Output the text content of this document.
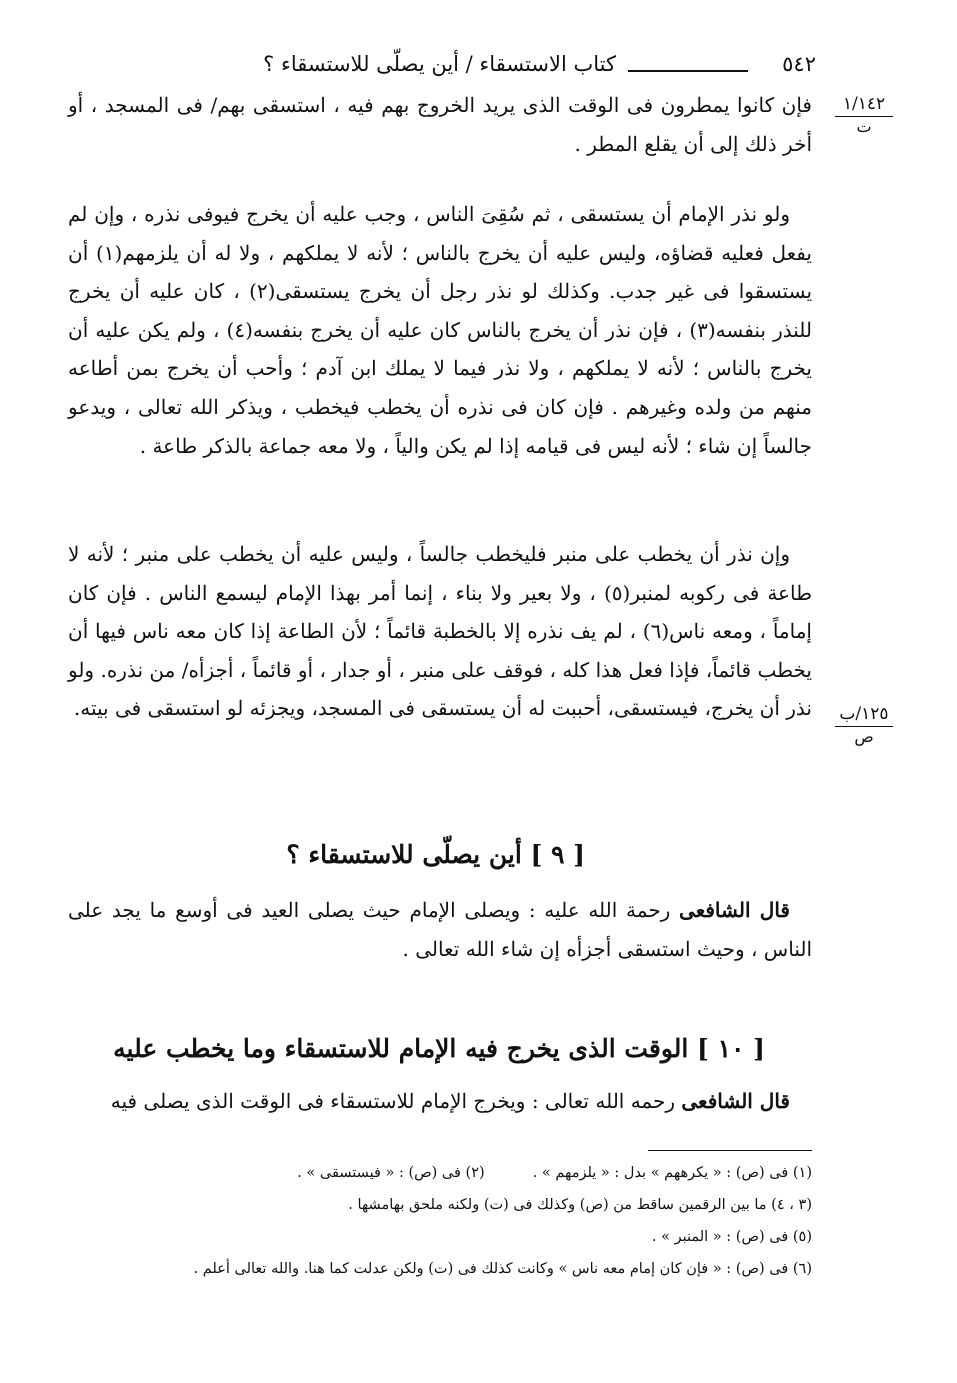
٥٤٢
كتاب الاستسقاء / أين يصلّى للاستسقاء ؟
١/١٤٢
ت
١٢٥/ب
ص

فإن كانوا يمطرون فى الوقت الذى يريد الخروج بهم فيه ، استسقى بهم/ فى المسجد ، أو أخر ذلك إلى أن يقلع المطر .

ولو نذر الإمام أن يستسقى ، ثم سُقِىَ الناس ، وجب عليه أن يخرج فيوفى نذره ، وإن لم يفعل فعليه قضاؤه، وليس عليه أن يخرج بالناس ؛ لأنه لا يملكهم ، ولا له أن يلزمهم(١) أن يستسقوا فى غير جدب. وكذلك لو نذر رجل أن يخرج يستسقى(٢) ، كان عليه أن يخرج للنذر بنفسه(٣) ، فإن نذر أن يخرج بالناس كان عليه أن يخرج بنفسه(٤) ، ولم يكن عليه أن يخرج بالناس ؛ لأنه لا يملكهم ، ولا نذر فيما لا يملك ابن آدم ؛ وأحب أن يخرج بمن أطاعه منهم من ولده وغيرهم . فإن كان فى نذره أن يخطب فيخطب ، ويذكر الله تعالى ، ويدعو جالساً إن شاء ؛ لأنه ليس فى قيامه إذا لم يكن والياً ، ولا معه جماعة بالذكر طاعة .

وإن نذر أن يخطب على منبر فليخطب جالساً ، وليس عليه أن يخطب على منبر ؛ لأنه لا طاعة فى ركوبه لمنبر(٥) ، ولا بعير ولا بناء ، إنما أمر بهذا الإمام ليسمع الناس . فإن كان إماماً ، ومعه ناس(٦) ، لم يف نذره إلا بالخطبة قائماً ؛ لأن الطاعة إذا كان معه ناس فيها أن يخطب قائماً، فإذا فعل هذا كله ، فوقف على منبر ، أو جدار ، أو قائماً ، أجزأه/ من نذره. ولو نذر أن يخرج، فيستسقى، أحببت له أن يستسقى فى المسجد، ويجزئه لو استسقى فى بيته.

[ ٩ ] أين يصلّى للاستسقاء ؟

قال الشافعى رحمة الله عليه : ويصلى الإمام حيث يصلى العيد فى أوسع ما يجد على الناس ، وحيث استسقى أجزأه إن شاء الله تعالى .

[ ١٠ ] الوقت الذى يخرج فيه الإمام للاستسقاء وما يخطب عليه

قال الشافعى رحمه الله تعالى : ويخرج الإمام للاستسقاء فى الوقت الذى يصلى فيه

(١) فى (ص) : « يكرههم » بدل : « يلزمهم » .(٢) فى (ص) : « فيستسقى » .
(٣ ، ٤) ما بين الرقمين ساقط من (ص) وكذلك فى (ت) ولكنه ملحق بهامشها .
(٥) فى (ص) : « المنبر » .
(٦) فى (ص) : « فإن كان إمام معه ناس » وكانت كذلك فى (ت) ولكن عدلت كما هنا. والله تعالى أعلم .
